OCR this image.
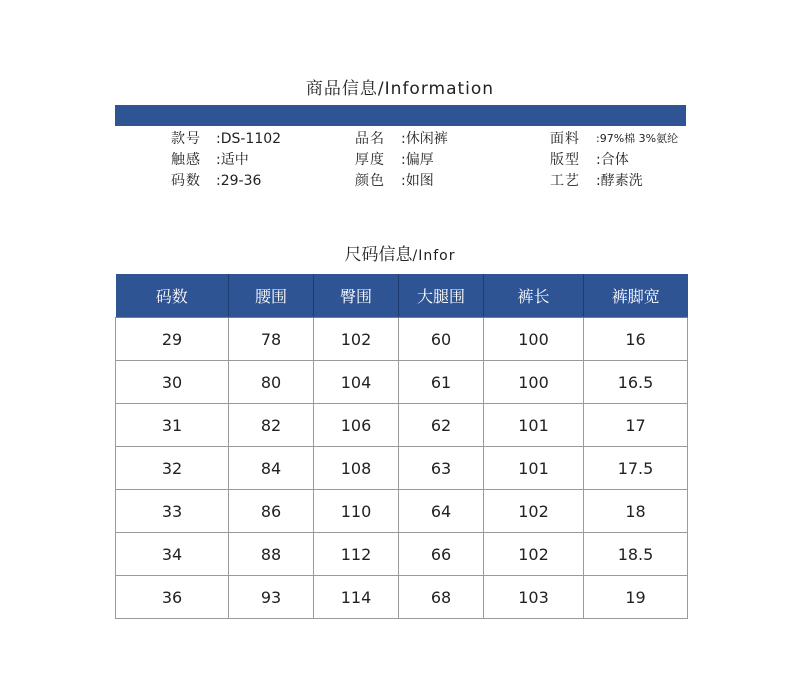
商品信息/Information
款号 :DS-1102	品名 :休闲裤	面料 :97%棉 3%氨纶
触感 :适中	厚度 :偏厚	版型 :合体
码数 :29-36	颜色 :如图	工艺 :酵素洗
尺码信息/Infor
码数	腰围	臀围	大腿围	裤长	裤脚宽
29	78	102	60	100	16
30	80	104	61	100	16.5
31	82	106	62	101	17
32	84	108	63	101	17.5
33	86	110	64	102	18
34	88	112	66	102	18.5
36	93	114	68	103	19
